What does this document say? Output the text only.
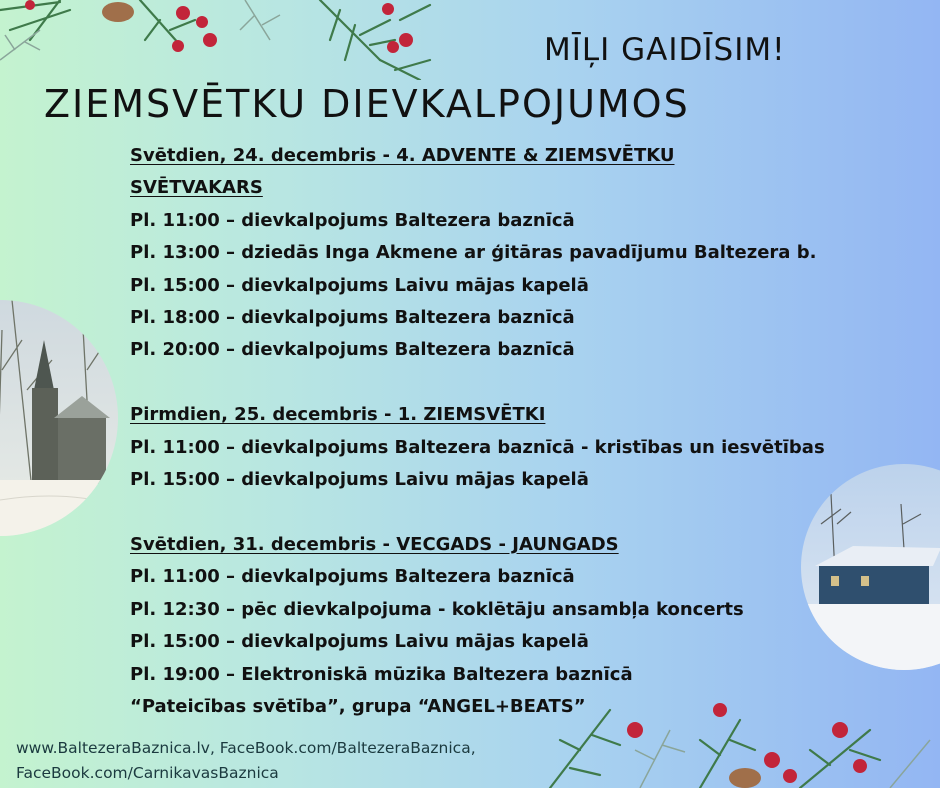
MĪĻI GAIDĪSIM!
ZIEMSVĒTKU DIEVKALPOJUMOS
Svētdien, 24. decembris - 4. ADVENTE & ZIEMSVĒTKU
SVĒTVAKARS
Pl. 11:00 – dievkalpojums Baltezera baznīcā
Pl. 13:00 – dziedās Inga Akmene ar ģitāras pavadījumu Baltezera b.
Pl. 15:00 – dievkalpojums Laivu mājas kapelā
Pl. 18:00 – dievkalpojums Baltezera baznīcā
Pl. 20:00 – dievkalpojums Baltezera baznīcā
Pirmdien, 25. decembris - 1. ZIEMSVĒTKI
Pl. 11:00 – dievkalpojums Baltezera baznīcā - kristības un iesvētības
Pl. 15:00 – dievkalpojums Laivu mājas kapelā
Svētdien, 31. decembris - VECGADS - JAUNGADS
Pl. 11:00 – dievkalpojums Baltezera baznīcā
Pl. 12:30 – pēc dievkalpojuma - koklētāju ansambļa koncerts
Pl. 15:00 – dievkalpojums Laivu mājas kapelā
Pl. 19:00 – Elektroniskā mūzika Baltezera baznīcā
“Pateicības svētība”, grupa “ANGEL+BEATS”
www.BaltezeraBaznica.lv, FaceBook.com/BaltezeraBaznica,
FaceBook.com/CarnikavasBaznica
